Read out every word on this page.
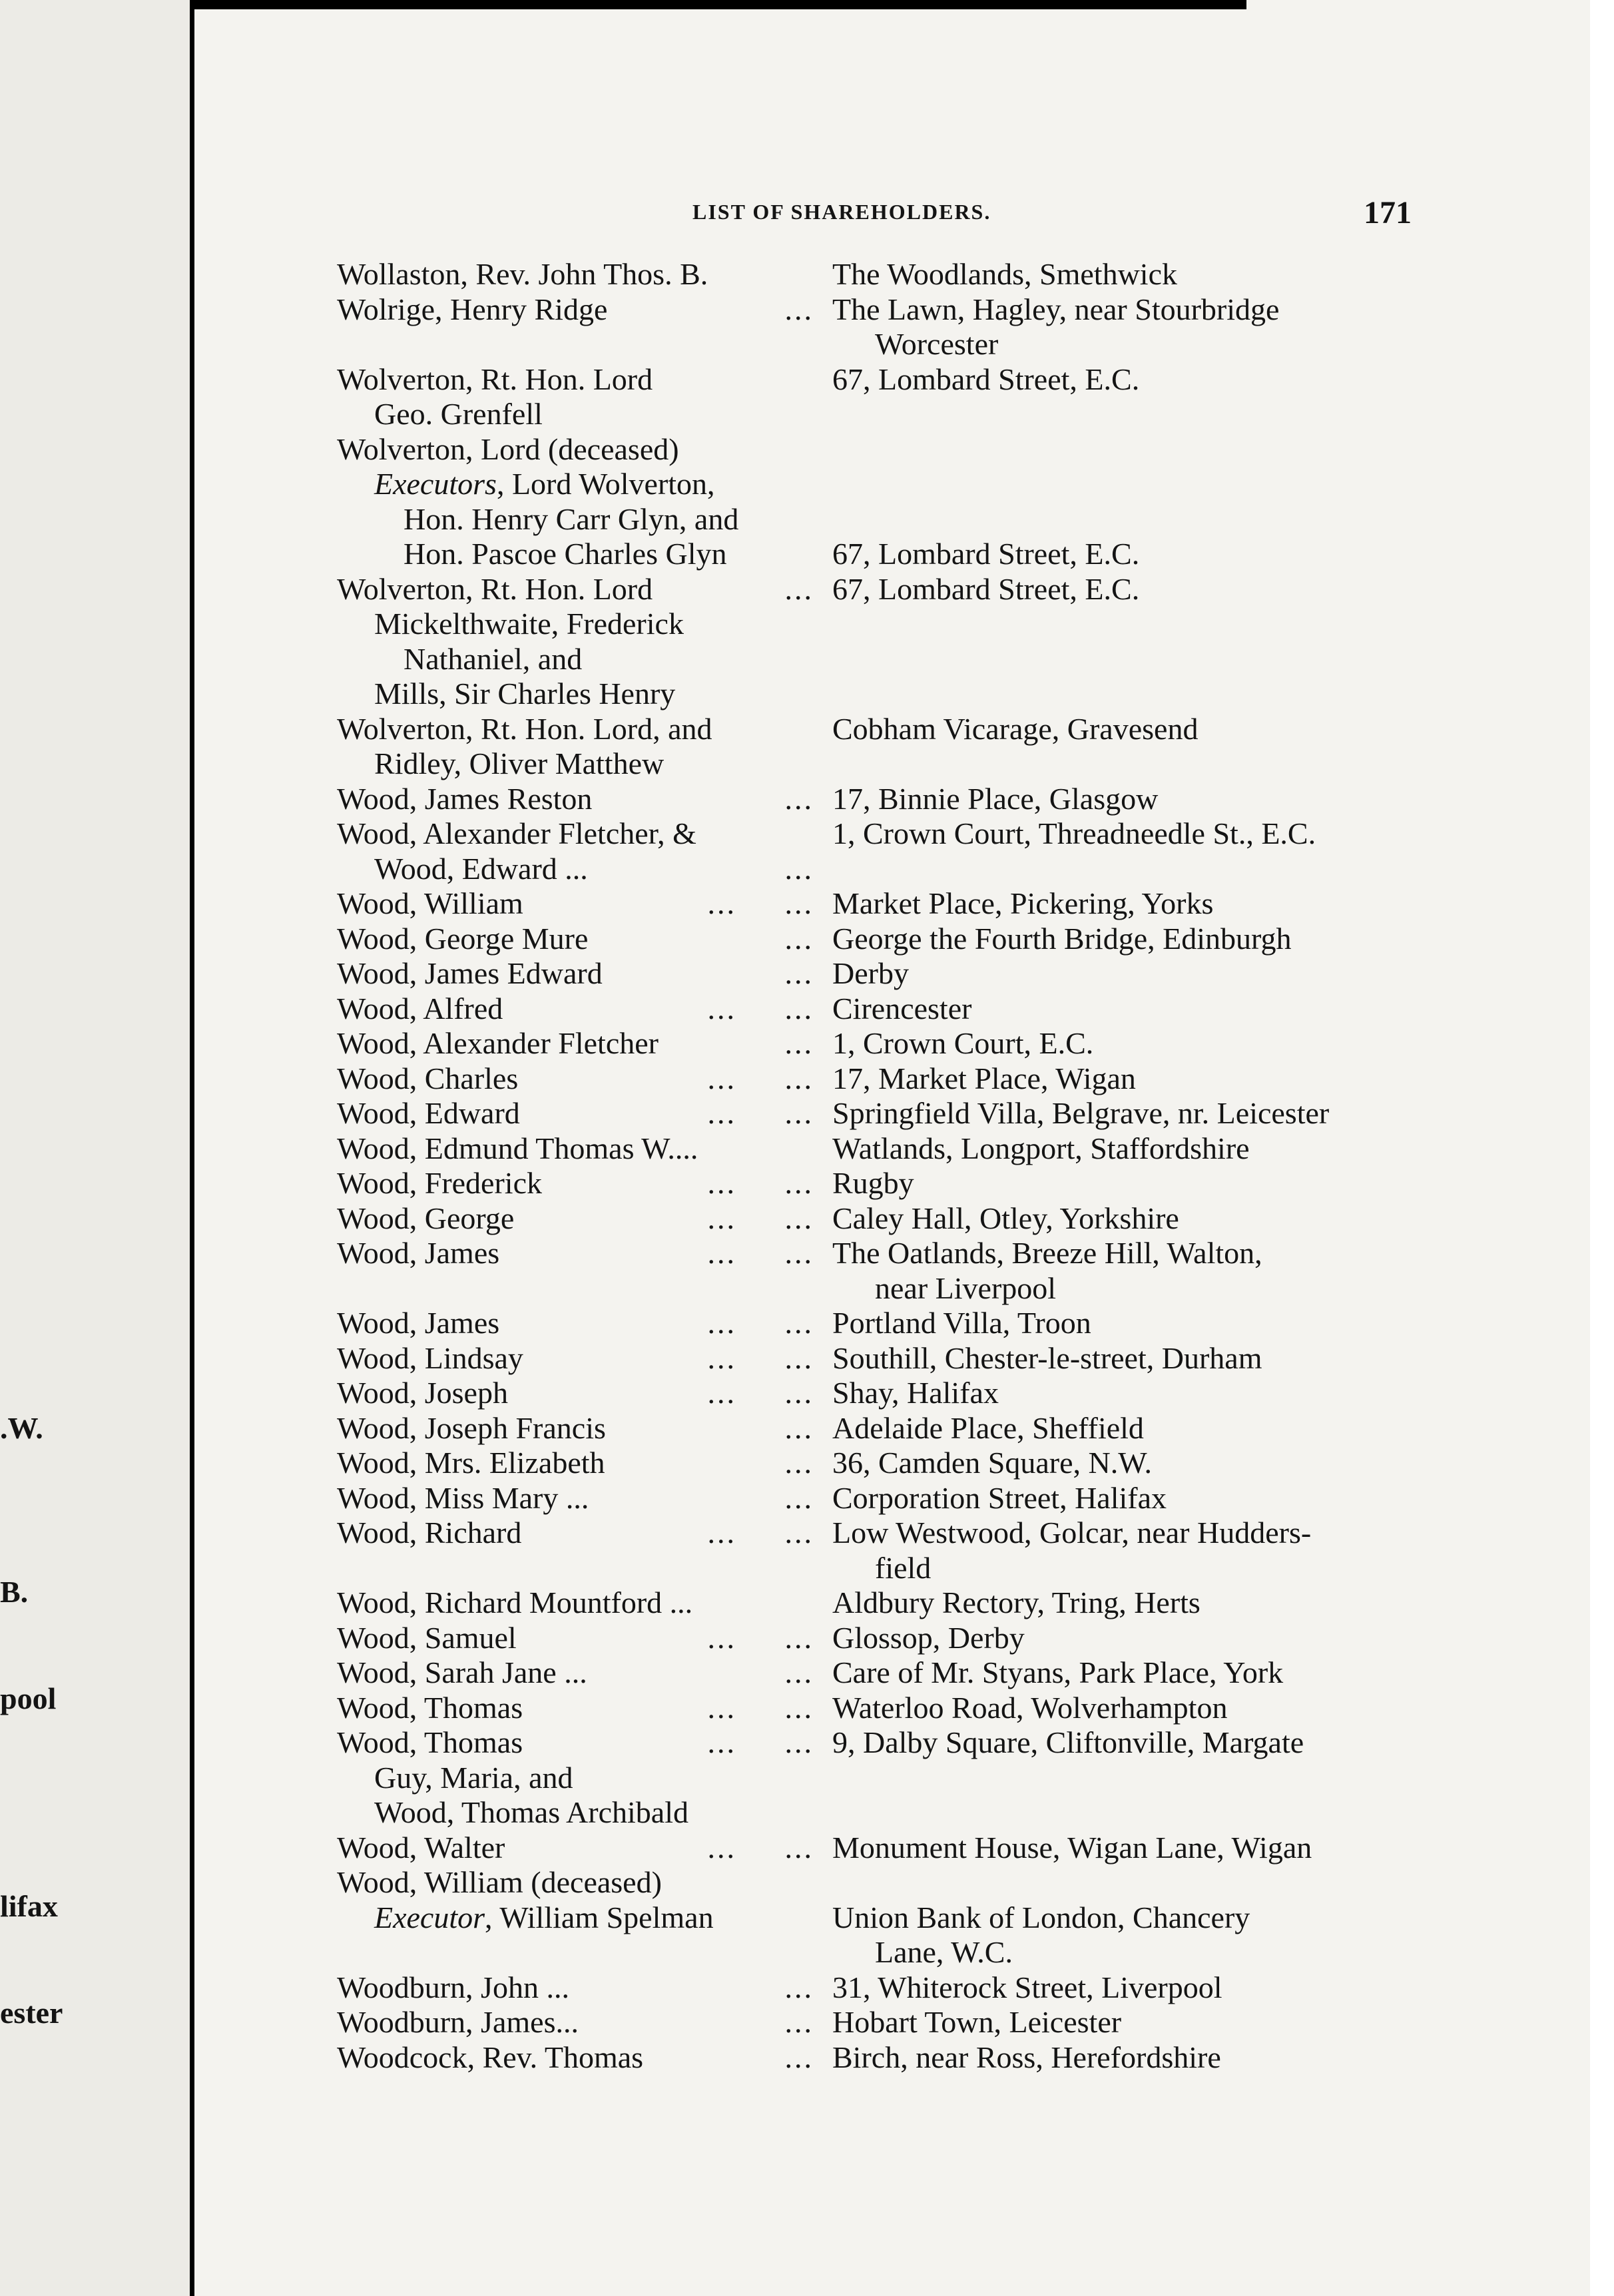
.W.
B.
pool
lifax
ester
LIST OF SHAREHOLDERS.	171
Wollaston, Rev. John Thos. B.	The Woodlands, Smethwick
Wolrige, Henry Ridge	... The Lawn, Hagley, near Stourbridge
Worcester
Wolverton, Rt. Hon. Lord	67, Lombard Street, E.C.
Geo. Grenfell
Wolverton, Lord (deceased)
Executors, Lord Wolverton,
Hon. Henry Carr Glyn, and
Hon. Pascoe Charles Glyn	67, Lombard Street, E.C.
Wolverton, Rt. Hon. Lord	... 67, Lombard Street, E.C.
Mickelthwaite, Frederick
Nathaniel, and
Mills, Sir Charles Henry
Wolverton, Rt. Hon. Lord, and	Cobham Vicarage, Gravesend
Ridley, Oliver Matthew
Wood, James Reston	... 17, Binnie Place, Glasgow
Wood, Alexander Fletcher, &	1, Crown Court, Threadneedle St., E.C.
Wood, Edward ...	...
Wood, William	...     ... Market Place, Pickering, Yorks
Wood, George Mure	... George the Fourth Bridge, Edinburgh
Wood, James Edward	... Derby
Wood, Alfred	...     ... Cirencester
Wood, Alexander Fletcher	... 1, Crown Court, E.C.
Wood, Charles	...     ... 17, Market Place, Wigan
Wood, Edward	...     ... Springfield Villa, Belgrave, nr. Leicester
Wood, Edmund Thomas W....	Watlands, Longport, Staffordshire
Wood, Frederick	...     ... Rugby
Wood, George	...     ... Caley Hall, Otley, Yorkshire
Wood, James	...     ... The Oatlands, Breeze Hill, Walton,
near Liverpool
Wood, James	...     ... Portland Villa, Troon
Wood, Lindsay	...     ... Southill, Chester-le-street, Durham
Wood, Joseph	...     ... Shay, Halifax
Wood, Joseph Francis	... Adelaide Place, Sheffield
Wood, Mrs. Elizabeth	... 36, Camden Square, N.W.
Wood, Miss Mary ...	... Corporation Street, Halifax
Wood, Richard	...     ... Low Westwood, Golcar, near Hudders-
field
Wood, Richard Mountford ...	Aldbury Rectory, Tring, Herts
Wood, Samuel	...     ... Glossop, Derby
Wood, Sarah Jane ...	... Care of Mr. Styans, Park Place, York
Wood, Thomas	...     ... Waterloo Road, Wolverhampton
Wood, Thomas	...     ... 9, Dalby Square, Cliftonville, Margate
Guy, Maria, and
Wood, Thomas Archibald
Wood, Walter	...     ... Monument House, Wigan Lane, Wigan
Wood, William (deceased)
Executor, William Spelman	Union Bank of London, Chancery
Lane, W.C.
Woodburn, John ...	... 31, Whiterock Street, Liverpool
Woodburn, James...	... Hobart Town, Leicester
Woodcock, Rev. Thomas	... Birch, near Ross, Herefordshire
